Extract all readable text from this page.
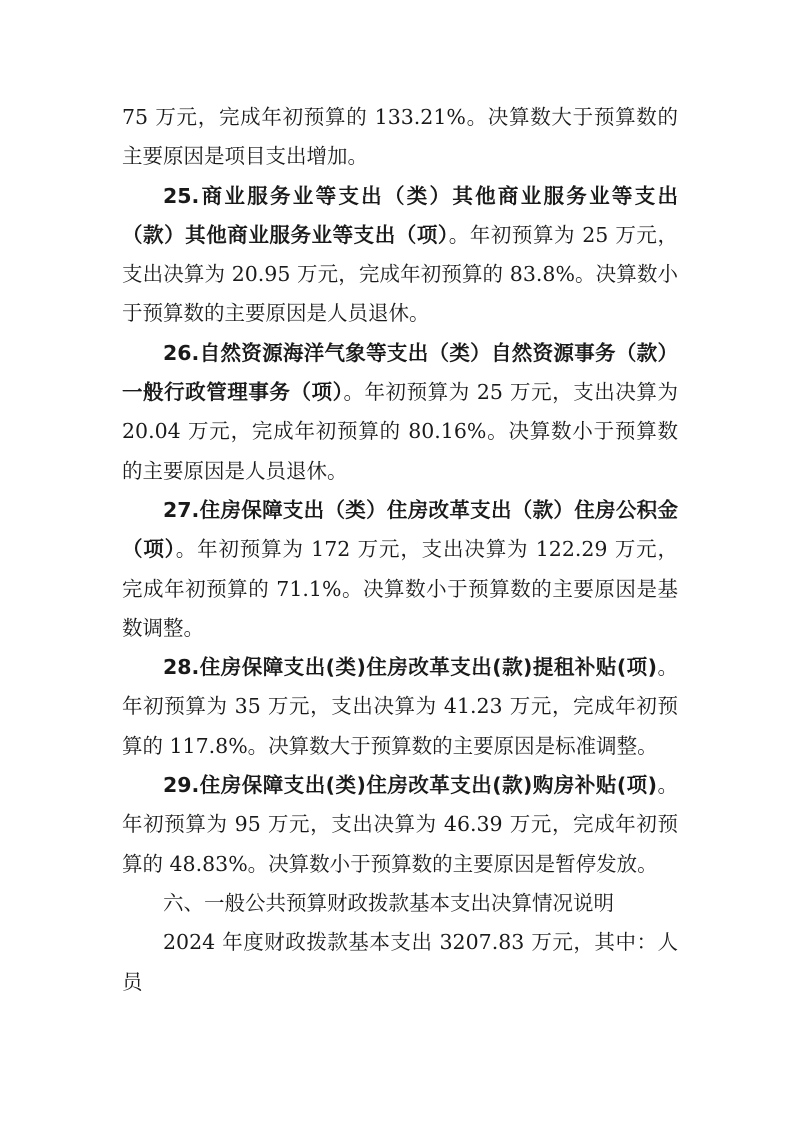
75 万元，完成年初预算的 133.21%。决算数大于预算数的主要原因是项目支出增加。

25.商业服务业等支出（类）其他商业服务业等支出（款）其他商业服务业等支出（项）。年初预算为 25 万元，支出决算为 20.95 万元，完成年初预算的 83.8%。决算数小于预算数的主要原因是人员退休。

26.自然资源海洋气象等支出（类）自然资源事务（款）一般行政管理事务（项）。年初预算为 25 万元，支出决算为 20.04 万元，完成年初预算的 80.16%。决算数小于预算数的主要原因是人员退休。

27.住房保障支出（类）住房改革支出（款）住房公积金（项）。年初预算为 172 万元，支出决算为 122.29 万元，完成年初预算的 71.1%。决算数小于预算数的主要原因是基数调整。

28.住房保障支出(类)住房改革支出(款)提租补贴(项)。年初预算为 35 万元，支出决算为 41.23 万元，完成年初预算的 117.8%。决算数大于预算数的主要原因是标准调整。

29.住房保障支出(类)住房改革支出(款)购房补贴(项)。年初预算为 95 万元，支出决算为 46.39 万元，完成年初预算的 48.83%。决算数小于预算数的主要原因是暂停发放。

六、一般公共预算财政拨款基本支出决算情况说明

2024 年度财政拨款基本支出 3207.83 万元，其中：人员
